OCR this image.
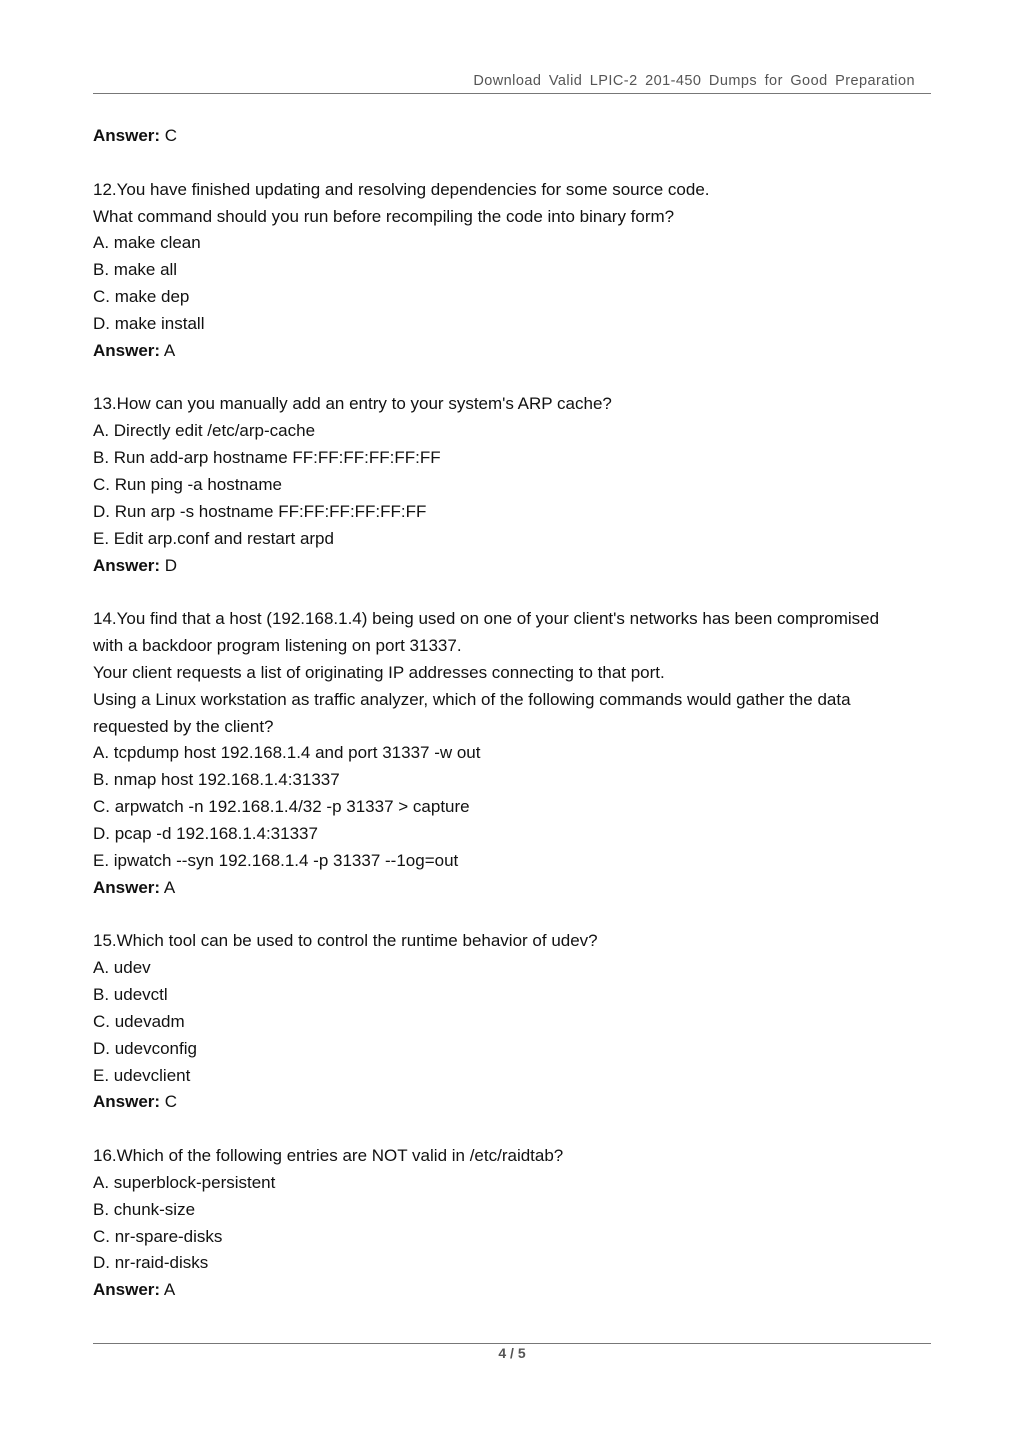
Download Valid LPIC-2 201-450 Dumps for Good Preparation
Answer: C
12.You have finished updating and resolving dependencies for some source code.
What command should you run before recompiling the code into binary form?
A. make clean
B. make all
C. make dep
D. make install
Answer: A
13.How can you manually add an entry to your system's ARP cache?
A. Directly edit /etc/arp-cache
B. Run add-arp hostname FF:FF:FF:FF:FF:FF
C. Run ping -a hostname
D. Run arp -s hostname FF:FF:FF:FF:FF:FF
E. Edit arp.conf and restart arpd
Answer: D
14.You find that a host (192.168.1.4) being used on one of your client's networks has been compromised
with a backdoor program listening on port 31337.
Your client requests a list of originating IP addresses connecting to that port.
Using a Linux workstation as traffic analyzer, which of the following commands would gather the data
requested by the client?
A. tcpdump host 192.168.1.4 and port 31337 -w out
B. nmap host 192.168.1.4:31337
C. arpwatch -n 192.168.1.4/32 -p 31337 > capture
D. pcap -d 192.168.1.4:31337
E. ipwatch --syn 192.168.1.4 -p 31337 --1og=out
Answer: A
15.Which tool can be used to control the runtime behavior of udev?
A. udev
B. udevctl
C. udevadm
D. udevconfig
E. udevclient
Answer: C
16.Which of the following entries are NOT valid in /etc/raidtab?
A. superblock-persistent
B. chunk-size
C. nr-spare-disks
D. nr-raid-disks
Answer: A
4 / 5
